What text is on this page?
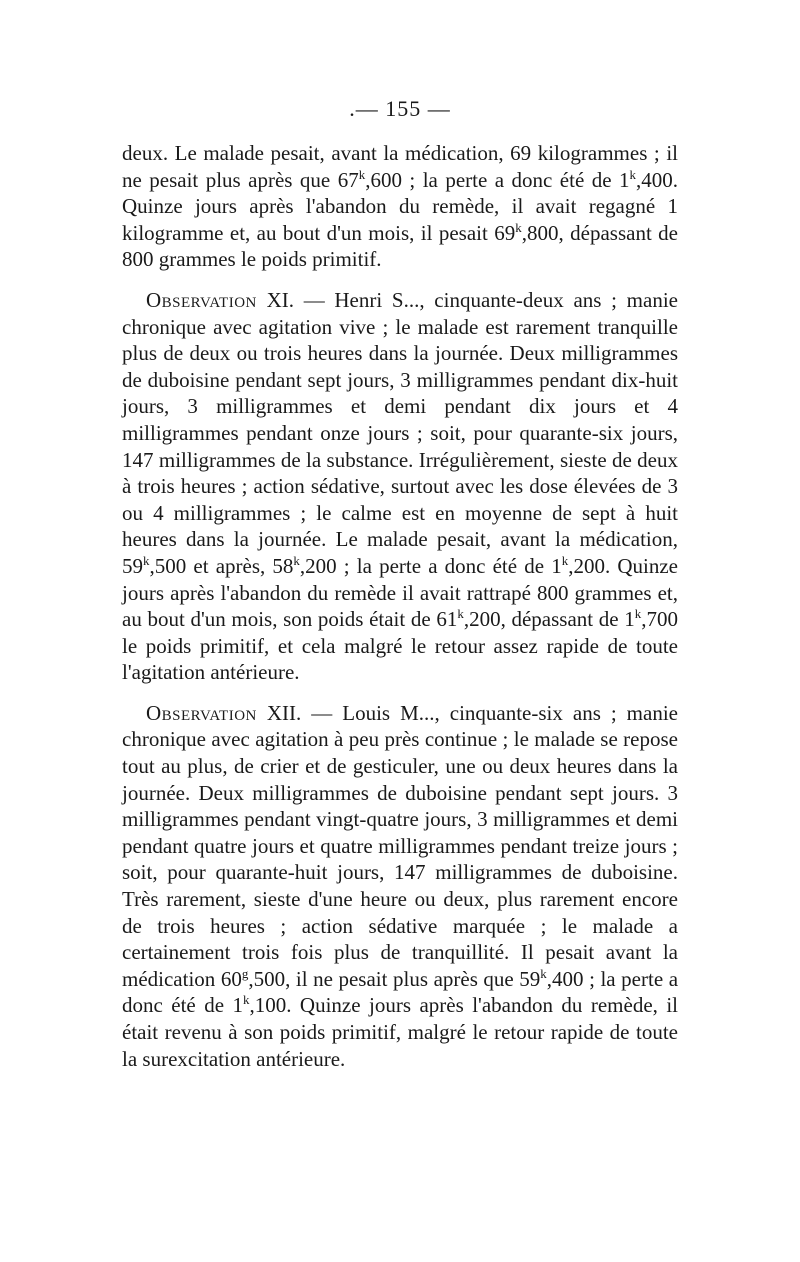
.— 155 —

deux. Le malade pesait, avant la médication, 69 kilogrammes ; il ne pesait plus après que 67$^k$,600 ; la perte a donc été de 1$^k$,400. Quinze jours après l'abandon du remède, il avait regagné 1 kilogramme et, au bout d'un mois, il pesait 69$^k$,800, dépassant de 800 grammes le poids primitif.

Observation XI. — Henri S..., cinquante-deux ans ; manie chronique avec agitation vive ; le malade est rarement tranquille plus de deux ou trois heures dans la journée. Deux milligrammes de duboisine pendant sept jours, 3 milligrammes pendant dix-huit jours, 3 milligrammes et demi pendant dix jours et 4 milligrammes pendant onze jours ; soit, pour quarante-six jours, 147 milligrammes de la substance. Irrégulièrement, sieste de deux à trois heures ; action sédative, surtout avec les dose élevées de 3 ou 4 milligrammes ; le calme est en moyenne de sept à huit heures dans la journée. Le malade pesait, avant la médication, 59$^k$,500 et après, 58$^k$,200 ; la perte a donc été de 1$^k$,200. Quinze jours après l'abandon du remède il avait rattrapé 800 grammes et, au bout d'un mois, son poids était de 61$^k$,200, dépassant de 1$^k$,700 le poids primitif, et cela malgré le retour assez rapide de toute l'agitation antérieure.

Observation XII. — Louis M..., cinquante-six ans ; manie chronique avec agitation à peu près continue ; le malade se repose tout au plus, de crier et de gesticuler, une ou deux heures dans la journée. Deux milligrammes de duboisine pendant sept jours. 3 milligrammes pendant vingt-quatre jours, 3 milligrammes et demi pendant quatre jours et quatre milligrammes pendant treize jours ; soit, pour quarante-huit jours, 147 milligrammes de duboisine. Très rarement, sieste d'une heure ou deux, plus rarement encore de trois heures ; action sédative marquée ; le malade a certainement trois fois plus de tranquillité. Il pesait avant la médication 60$^g$,500, il ne pesait plus après que 59$^k$,400 ; la perte a donc été de 1$^k$,100. Quinze jours après l'abandon du remède, il était revenu à son poids primitif, malgré le retour rapide de toute la surexcitation antérieure.
